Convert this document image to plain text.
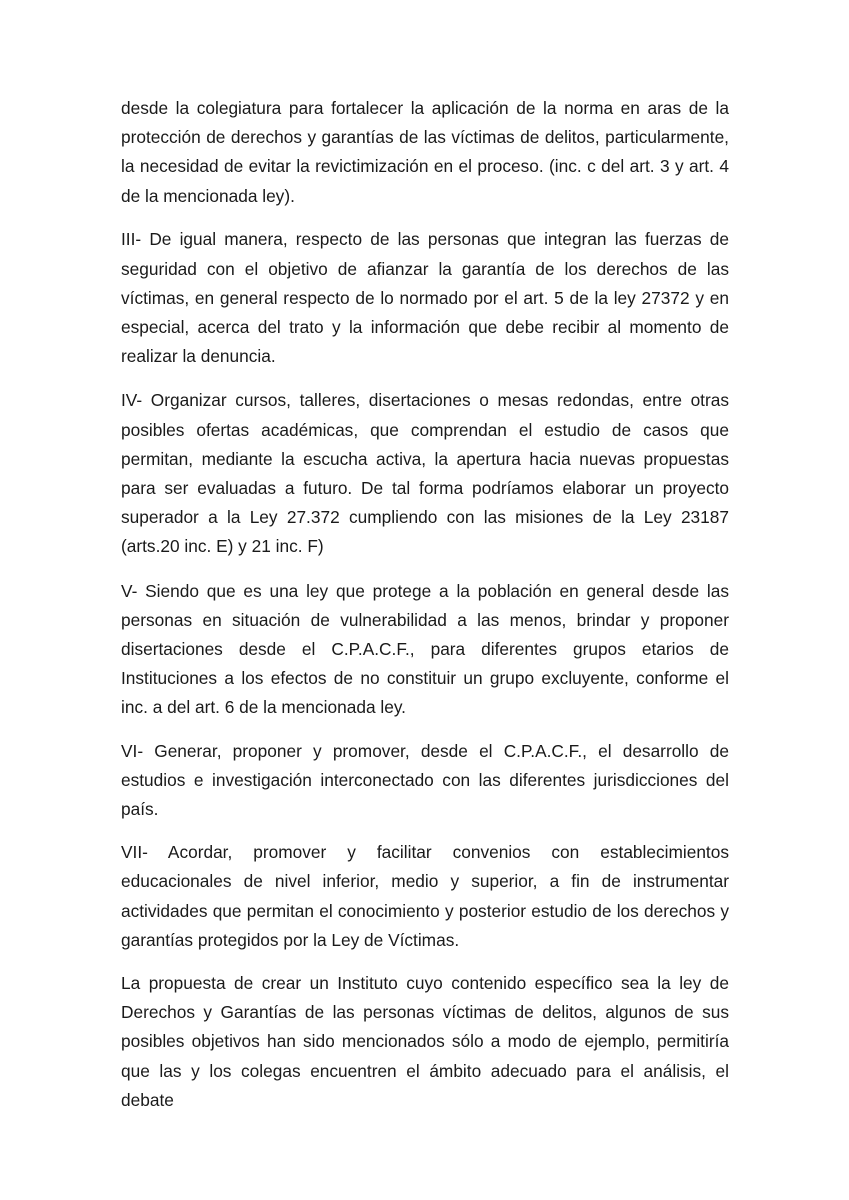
desde la colegiatura para fortalecer la aplicación de la norma en aras de la protección de derechos y garantías de las víctimas de delitos, particularmente, la necesidad de evitar la revictimización en el proceso. (inc. c del art. 3 y art. 4 de la mencionada ley).

III- De igual manera, respecto de las personas que integran las fuerzas de seguridad con el objetivo de afianzar la garantía de los derechos de las víctimas, en general respecto de lo normado por el art. 5 de la ley 27372 y en especial, acerca del trato y la información que debe recibir al momento de realizar la denuncia.

IV- Organizar cursos, talleres, disertaciones o mesas redondas, entre otras posibles ofertas académicas, que comprendan el estudio de casos que permitan, mediante la escucha activa, la apertura hacia nuevas propuestas para ser evaluadas a futuro. De tal forma podríamos elaborar un proyecto superador a la Ley 27.372 cumpliendo con las misiones de la Ley 23187 (arts.20 inc. E) y 21 inc. F)

V- Siendo que es una ley que protege a la población en general desde las personas en situación de vulnerabilidad a las menos, brindar y proponer disertaciones desde el C.P.A.C.F., para diferentes grupos etarios de Instituciones a los efectos de no constituir un grupo excluyente, conforme el inc. a del art. 6 de la mencionada ley.

VI- Generar, proponer y promover, desde el C.P.A.C.F., el desarrollo de estudios e investigación interconectado con las diferentes jurisdicciones del país.

VII- Acordar, promover y facilitar convenios con establecimientos educacionales de nivel inferior, medio y superior, a fin de instrumentar actividades que permitan el conocimiento y posterior estudio de los derechos y garantías protegidos por la Ley de Víctimas.

La propuesta de crear un Instituto cuyo contenido específico sea la ley de Derechos y Garantías de las personas víctimas de delitos, algunos de sus posibles objetivos han sido mencionados sólo a modo de ejemplo, permitiría que las y los colegas encuentren el ámbito adecuado para el análisis, el debate
